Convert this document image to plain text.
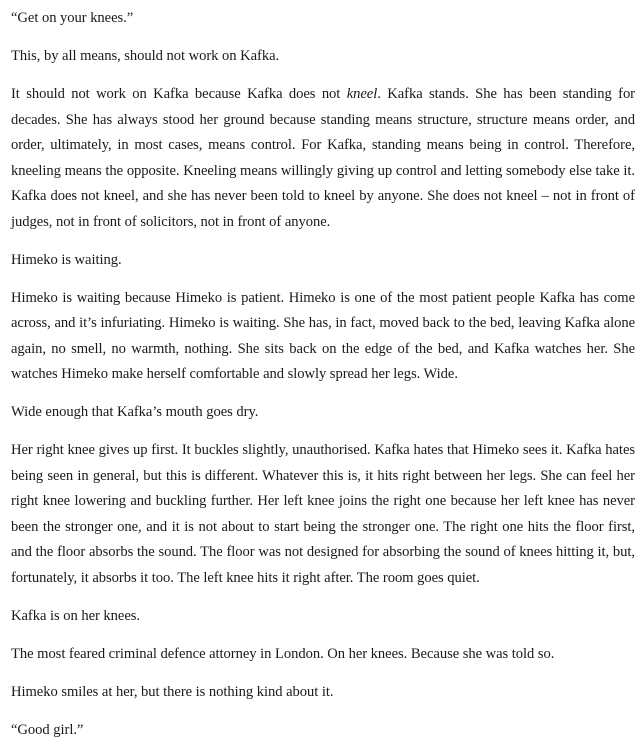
“Get on your knees.”

This, by all means, should not work on Kafka.

It should not work on Kafka because Kafka does not kneel. Kafka stands. She has been standing for decades. She has always stood her ground because standing means structure, structure means order, and order, ultimately, in most cases, means control. For Kafka, standing means being in control. Therefore, kneeling means the opposite. Kneeling means willingly giving up control and letting somebody else take it. Kafka does not kneel, and she has never been told to kneel by anyone. She does not kneel – not in front of judges, not in front of solicitors, not in front of anyone.

Himeko is waiting.

Himeko is waiting because Himeko is patient. Himeko is one of the most patient people Kafka has come across, and it’s infuriating. Himeko is waiting. She has, in fact, moved back to the bed, leaving Kafka alone again, no smell, no warmth, nothing. She sits back on the edge of the bed, and Kafka watches her. She watches Himeko make herself comfortable and slowly spread her legs. Wide.

Wide enough that Kafka’s mouth goes dry.

Her right knee gives up first. It buckles slightly, unauthorised. Kafka hates that Himeko sees it. Kafka hates being seen in general, but this is different. Whatever this is, it hits right between her legs. She can feel her right knee lowering and buckling further. Her left knee joins the right one because her left knee has never been the stronger one, and it is not about to start being the stronger one. The right one hits the floor first, and the floor absorbs the sound. The floor was not designed for absorbing the sound of knees hitting it, but, fortunately, it absorbs it too. The left knee hits it right after. The room goes quiet.

Kafka is on her knees.

The most feared criminal defence attorney in London. On her knees. Because she was told so.

Himeko smiles at her, but there is nothing kind about it.

“Good girl.”
